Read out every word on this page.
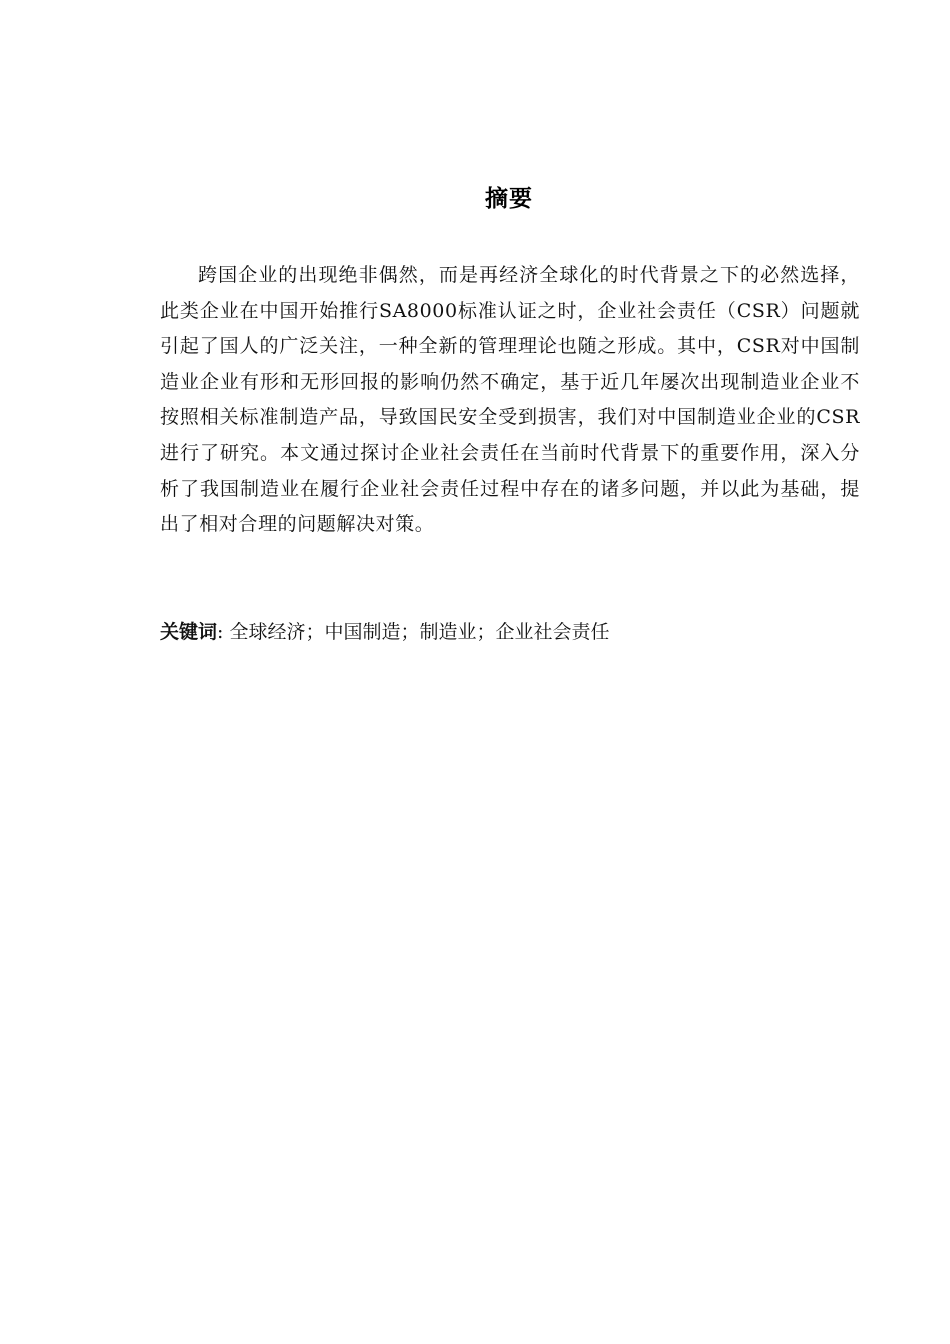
摘要

跨国企业的出现绝非偶然，而是再经济全球化的时代背景之下的必然选择，此类企业在中国开始推行SA8000标准认证之时，企业社会责任（CSR）问题就引起了国人的广泛关注，一种全新的管理理论也随之形成。其中，CSR对中国制造业企业有形和无形回报的影响仍然不确定，基于近几年屡次出现制造业企业不按照相关标准制造产品，导致国民安全受到损害，我们对中国制造业企业的CSR进行了研究。本文通过探讨企业社会责任在当前时代背景下的重要作用，深入分析了我国制造业在履行企业社会责任过程中存在的诸多问题，并以此为基础，提出了相对合理的问题解决对策。

关键词: 全球经济；中国制造；制造业；企业社会责任
